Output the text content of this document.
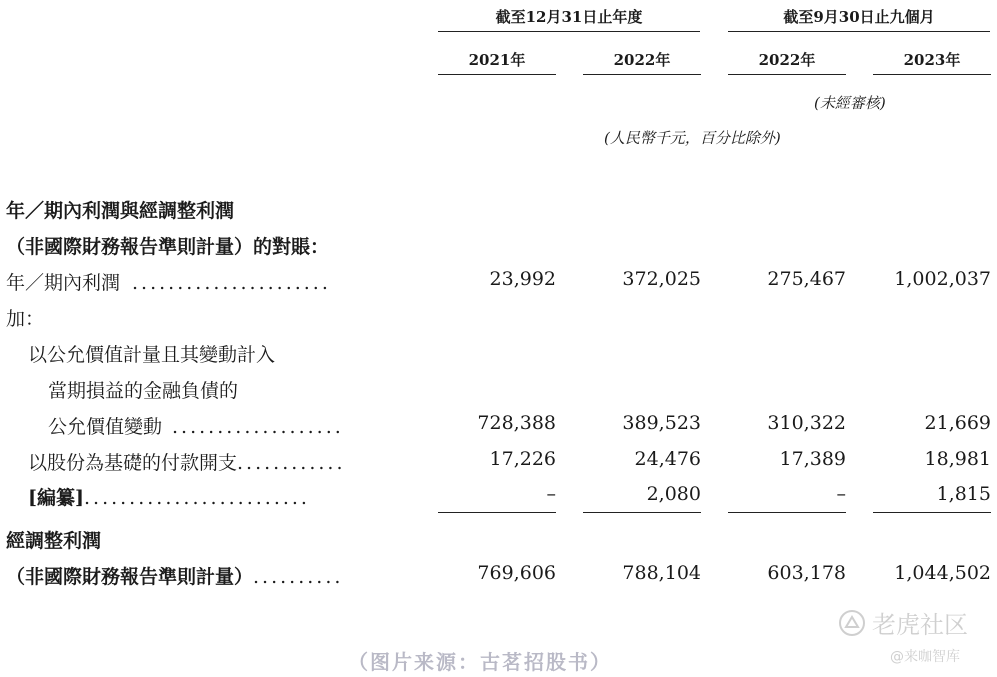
截至12月31日止年度	截至9月30日止九個月
2021年	2022年	2022年	2023年
(未經審核)
(人民幣千元，百分比除外)
年／期內利潤與經調整利潤
（非國際財務報告準則計量）的對賬：
年／期內利潤 ......................	23,992	372,025	275,467	1,002,037
加：
以公允價值計量且其變動計入
當期損益的金融負債的
公允價值變動 ...................	728,388	389,523	310,322	21,669
以股份為基礎的付款開支............	17,226	24,476	17,389	18,981
[編纂].........................	–	2,080	–	1,815
經調整利潤
（非國際財務報告準則計量）..........	769,606	788,104	603,178	1,044,502
（图片来源：古茗招股书）
老虎社区
@来咖智库
